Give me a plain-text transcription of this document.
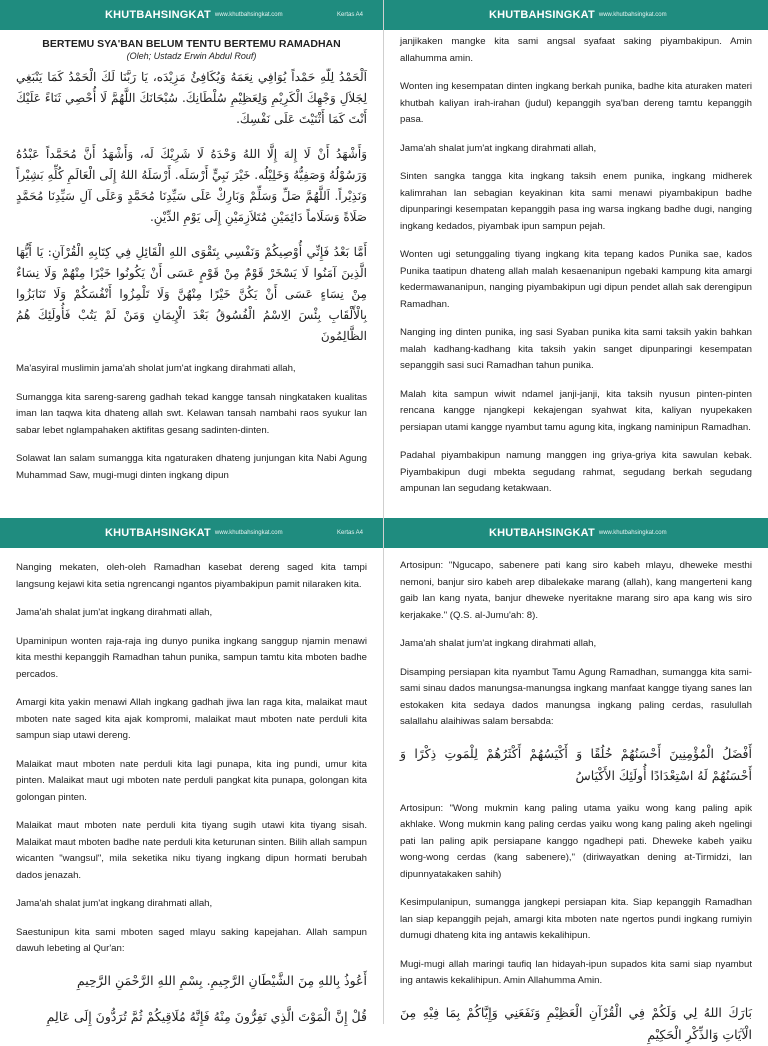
KHUTBAHSINGKAT www.khutbahsingkat.com	Kertas A4
BERTEMU SYA'BAN BELUM TENTU BERTEMU RAMADHAN
(Oleh; Ustadz Erwin Abdul Rouf)
اَلْحَمْدُ لِلّهِ حَمْداً يُوَافِي نِعَمَهُ وَيُكَافِئُ مَزِيْدَه، يَا رَبَّنَا لَكَ الْحَمْدُ كَمَا يَنْبَغِي لِجَلاَلِ وَجْهِكَ الْكَرِيْمِ وَلِعَظِيْمِ سُلْطَانِكَ. سُبْحَانَكَ اللَّهُمَّ لَا أُحْصِي ثَنَاءً عَلَيْكَ أَنْتَ كَمَا أَثْنَيْتَ عَلَى نَفْسِكَ.
وَأَشْهَدُ أَنْ لَا إِلهَ إِلَّا اللهُ وَحْدَهُ لَا شَرِيْكَ لَه، وَأَشْهَدُ أَنَّ مُحَمَّداً عَبْدُهُ وَرَسُوْلُهُ وَصَفِيُّهُ وَخَلِيْلُه. خَيْرَ نَبِيٍّ أَرْسَلَه. أَرْسَلَهُ اللهُ إِلَى الْعَالَمِ كُلِّهِ بَشِيْراً وَنَذِيْراً. اَللَّهُمَّ صَلِّ وَسَلِّمْ وَبَارِكْ عَلَى سَيِّدِنَا مُحَمَّدٍ وَعَلَى آلِ سَيِّدِنَا مُحَمَّدٍ صَلَاةً وَسَلَاماً دَائِمَيْنِ مُتَلاَزِمَيْنِ إِلَى يَوْمِ الدِّيْنِ.
أَمَّا بَعْدُ فَإِنِّي أُوْصِيكُمْ وَنَفْسِي بِتَقْوَى اللهِ الْقَائِلِ فِي كِتَابِهِ الْقُرْآنِ: يَا أَيُّهَا الَّذِينَ آمَنُوا لَا يَسْخَرْ قَوْمٌ مِنْ قَوْمٍ عَسَى أَنْ يَكُونُوا خَيْرًا مِنْهُمْ وَلَا نِسَاءٌ مِنْ نِسَاءٍ عَسَى أَنْ يَكُنَّ خَيْرًا مِنْهُنَّ وَلَا تَلْمِزُوا أَنْفُسَكُمْ وَلَا تَنَابَزُوا بِالْأَلْقَابِ بِئْسَ الِاسْمُ الْفُسُوقُ بَعْدَ الْإِيمَانِ وَمَنْ لَمْ يَتُبْ فَأُولَئِكَ هُمُ الظَّالِمُونَ

Ma'asyiral muslimin jama'ah sholat jum'at ingkang dirahmati allah,

Sumangga kita sareng-sareng gadhah tekad kangge tansah ningkataken kualitas iman lan taqwa kita dhateng allah swt. Kelawan tansah nambahi raos syukur lan sabar lebet nglampahaken aktifitas gesang sadinten-dinten.

Solawat lan salam sumangga kita ngaturaken dhateng junjungan kita Nabi Agung Muhammad Saw, mugi-mugi dinten ingkang dipun

KHUTBAHSINGKAT www.khutbahsingkat.com

janjikaken mangke kita sami angsal syafaat saking piyambakipun. Amin allahumma amin.

Wonten ing kesempatan dinten ingkang berkah punika, badhe kita aturaken materi khutbah kaliyan irah-irahan (judul) kepanggih sya'ban dereng tamtu kepanggih pasa.

Jama'ah shalat jum'at ingkang dirahmati allah,

Sinten sangka tangga kita ingkang taksih enem punika, ingkang midherek kalimrahan lan sebagian keyakinan kita sami menawi piyambakipun badhe dipunparingi kesempatan kepanggih pasa ing warsa ingkang badhe dugi, nanging ingkang kedados, piyambak ipun sampun pejah.

Wonten ugi setunggaling tiyang ingkang kita tepang kados Punika sae, kados Punika taatipun dhateng allah malah kesaenanipun ngebaki kampung kita amargi kedermawananipun, nanging piyambakipun ugi dipun pendet allah sak derengipun Ramadhan.

Nanging ing dinten punika, ing sasi Syaban punika kita sami taksih yakin bahkan malah kadhang-kadhang kita taksih yakin sanget dipunparingi kesempatan sepanggih sasi suci Ramadhan tahun punika.

Malah kita sampun wiwit ndamel janji-janji, kita taksih nyusun pinten-pinten rencana kangge njangkepi kekajengan syahwat kita, kaliyan nyupekaken persiapan utami kangge nyambut tamu agung kita, ingkang naminipun Ramadhan.

Padahal piyambakipun namung manggen ing griya-griya kita sawulan kebak. Piyambakipun dugi mbekta segudang rahmat, segudang berkah segudang ampunan lan segudang ketakwaan.

KHUTBAHSINGKAT www.khutbahsingkat.com	Kertas A4

Nanging mekaten, oleh-oleh Ramadhan kasebat dereng saged kita tampi langsung kejawi kita setia ngrencangi ngantos piyambakipun pamit nilaraken kita.

Jama'ah shalat jum'at ingkang dirahmati allah,

Upaminipun wonten raja-raja ing dunyo punika ingkang sanggup njamin menawi kita mesthi kepanggih Ramadhan tahun punika, sampun tamtu kita mboten badhe percados.

Amargi kita yakin menawi Allah ingkang gadhah jiwa lan raga kita, malaikat maut mboten nate saged kita ajak kompromi, malaikat maut mboten nate perduli kita sampun siap utawi dereng.

Malaikat maut mboten nate perduli kita lagi punapa, kita ing pundi, umur kita pinten. Malaikat maut ugi mboten nate perduli pangkat kita punapa, golongan kita golongan pinten.

Malaikat maut mboten nate perduli kita tiyang sugih utawi kita tiyang sisah. Malaikat maut mboten badhe nate perduli kita keturunan sinten. Bilih allah sampun wicanten "wangsul", mila seketika niku tiyang ingkang dipun hormati berubah dados jenazah.

Jama'ah shalat jum'at ingkang dirahmati allah,

Saestunipun kita sami mboten saged mlayu saking kapejahan. Allah sampun dawuh lebeting al Qur'an:

أَعُوذُ بِاللهِ مِنَ الشَّيْطَانِ الرَّجِيمِ. بِسْمِ اللهِ الرَّحْمَنِ الرَّحِيمِ
قُلْ إِنَّ الْمَوْتَ الَّذِي تَفِرُّونَ مِنْهُ فَإِنَّهُ مُلَاقِيكُمْ ثُمَّ تُرَدُّونَ إِلَى عَالِمِ
KHUTBAHSINGKAT www.khutbahsingkat.com

Artosipun: "Ngucapo, sabenere pati kang siro kabeh mlayu, dheweke mesthi nemoni, banjur siro kabeh arep dibalekake marang (allah), kang mangerteni kang gaib lan kang nyata, banjur dheweke nyeritakne marang siro apa kang wis siro kerjakake." (Q.S. al-Jumu'ah: 8).

Jama'ah shalat jum'at ingkang dirahmati allah,

Disamping persiapan kita nyambut Tamu Agung Ramadhan, sumangga kita sami-sami sinau dados manungsa-manungsa ingkang manfaat kangge tiyang sanes lan estokaken kita sedaya dados manungsa ingkang paling cerdas, rasulullah salallahu alaihiwas salam bersabda:

أَفْضَلُ الْمُؤْمِنِينَ أَحْسَنُهُمْ خُلُقًا وَ أَكْيَسُهُمْ أَكْثَرُهُمْ لِلْمَوتِ ذِكْرًا وَ أَحْسَنُهُمْ لَهُ اسْتِعْدَادًا أُولَئِكَ الأَكْيَاسُ

Artosipun: "Wong mukmin kang paling utama yaiku wong kang paling apik akhlake. Wong mukmin kang paling cerdas yaiku wong kang paling akeh ngelingi pati lan paling apik persiapane kanggo ngadhepi pati. Dheweke kabeh yaiku wong-wong cerdas (kang sabenere)," (diriwayatkan dening at-Tirmidzi, lan dipunnyatakaken sahih)

Kesimpulanipun, sumangga jangkepi persiapan kita. Siap kepanggih Ramadhan lan siap kepanggih pejah, amargi kita mboten nate ngertos pundi ingkang rumiyin dumugi dhateng kita ing antawis kekalihipun.

Mugi-mugi allah maringi taufiq lan hidayah-ipun supados kita sami siap nyambut ing antawis kekalihipun. Amin Allahumma Amin.

بَارَكَ اللهُ لِي وَلَكُمْ فِي الْقُرْآنِ الْعَظِيْمِ وَنَفَعَنِي وَإِيَّاكُمْ بِمَا فِيْهِ مِنَ الْآيَاتِ وَالذِّكْرِ الْحَكِيْمِ
